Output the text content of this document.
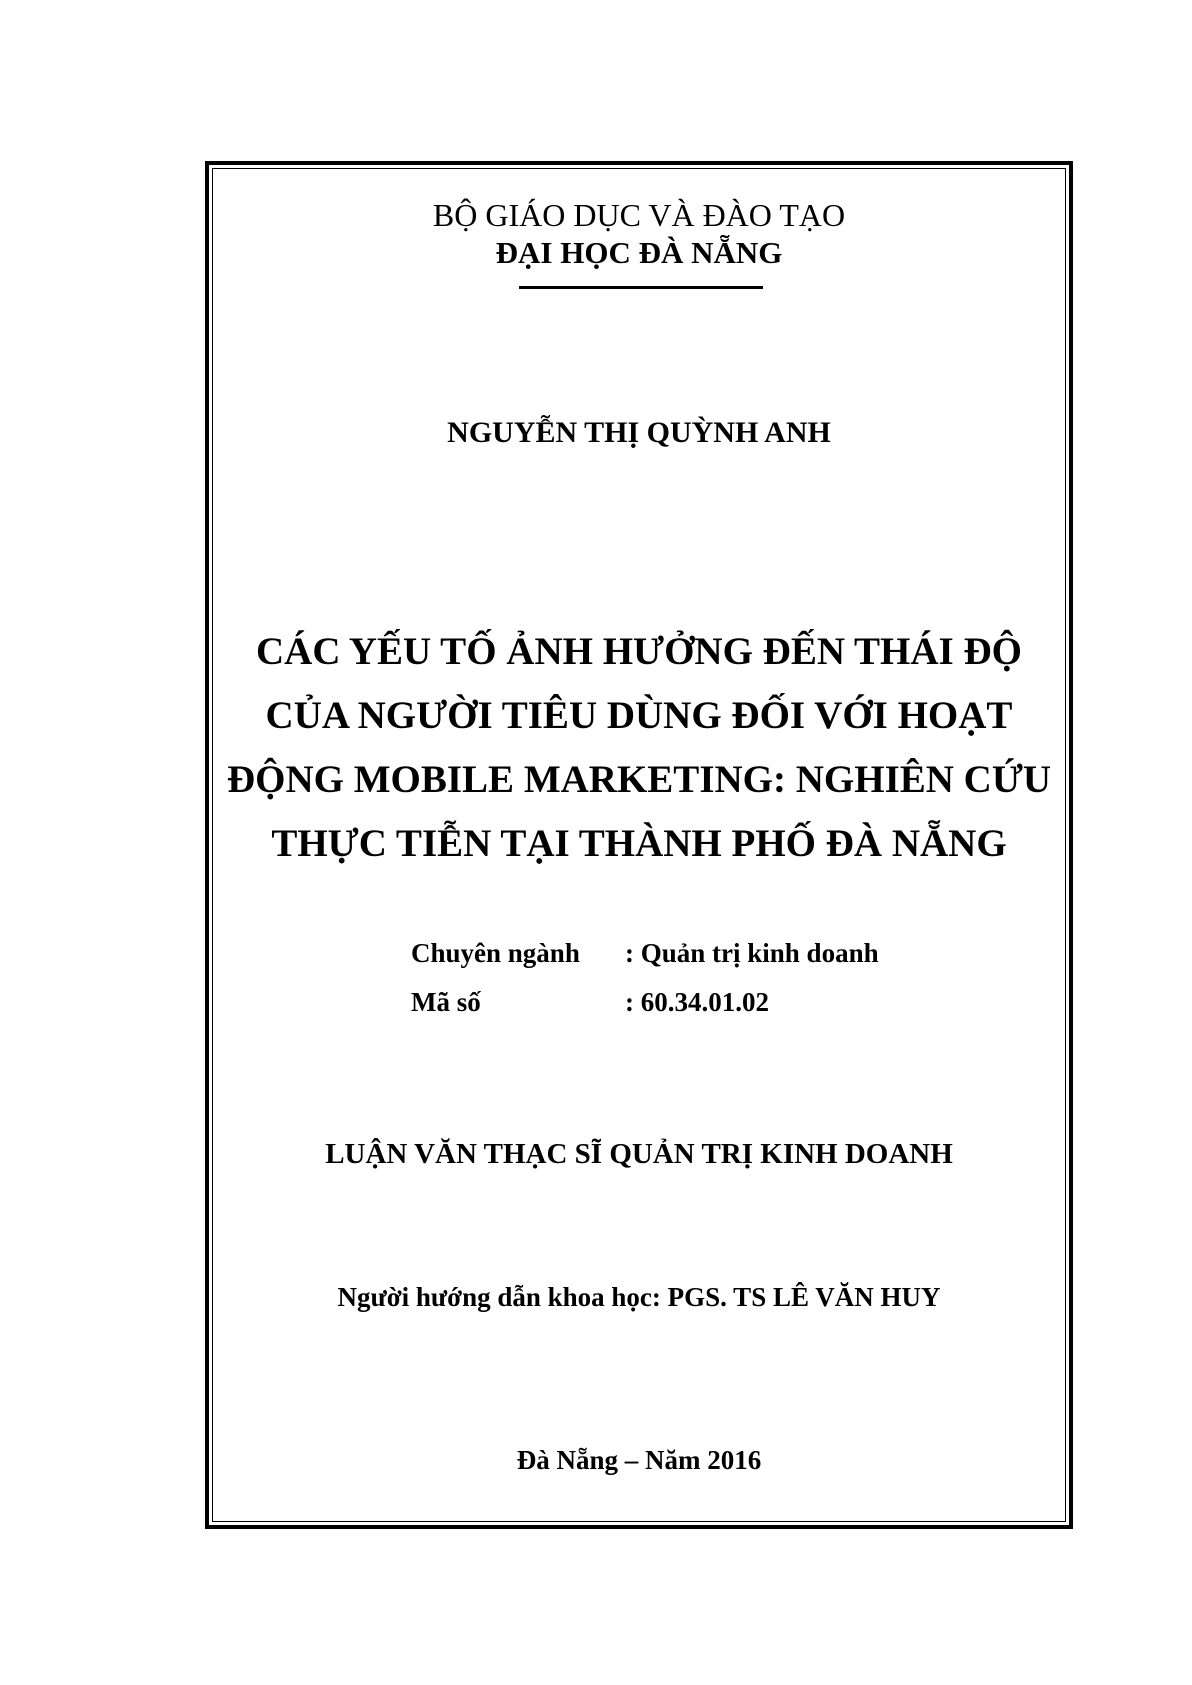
BỘ GIÁO DỤC VÀ ĐÀO TẠO
ĐẠI HỌC ĐÀ NẴNG
NGUYỄN THỊ QUỲNH ANH
CÁC YẾU TỐ ẢNH HƯỞNG ĐẾN THÁI ĐỘ
CỦA NGƯỜI TIÊU DÙNG ĐỐI VỚI HOẠT
ĐỘNG MOBILE MARKETING: NGHIÊN CỨU
THỰC TIỄN TẠI THÀNH PHỐ ĐÀ NẴNG
Chuyên ngành : Quản trị kinh doanh
Mã số	: 60.34.01.02
LUẬN VĂN THẠC SĨ QUẢN TRỊ KINH DOANH
Người hướng dẫn khoa học: PGS. TS LÊ VĂN HUY
Đà Nẵng – Năm 2016
